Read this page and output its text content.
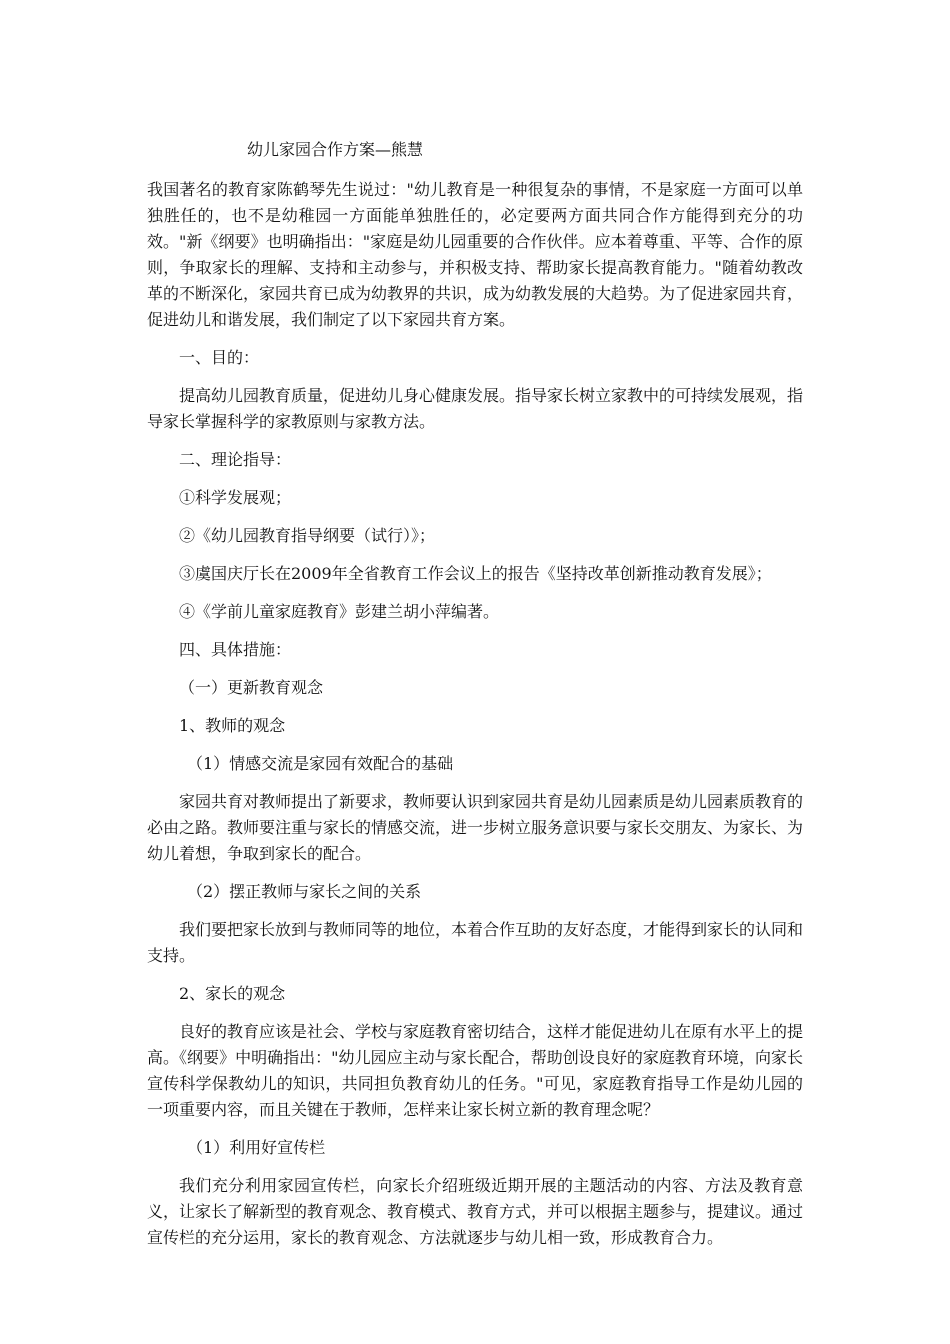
幼儿家园合作方案—熊慧

我国著名的教育家陈鹤琴先生说过："幼儿教育是一种很复杂的事情，不是家庭一方面可以单独胜任的，也不是幼稚园一方面能单独胜任的，必定要两方面共同合作方能得到充分的功效。"新《纲要》也明确指出："家庭是幼儿园重要的合作伙伴。应本着尊重、平等、合作的原则，争取家长的理解、支持和主动参与，并积极支持、帮助家长提高教育能力。"随着幼教改革的不断深化，家园共育已成为幼教界的共识，成为幼教发展的大趋势。为了促进家园共育，促进幼儿和谐发展，我们制定了以下家园共育方案。

一、目的：

提高幼儿园教育质量，促进幼儿身心健康发展。指导家长树立家教中的可持续发展观，指导家长掌握科学的家教原则与家教方法。

二、理论指导：

①科学发展观；

②《幼儿园教育指导纲要（试行）》；

③虞国庆厅长在2009年全省教育工作会议上的报告《坚持改革创新推动教育发展》；

④《学前儿童家庭教育》彭建兰胡小萍编著。

四、具体措施：

（一）更新教育观念

1、教师的观念

（1）情感交流是家园有效配合的基础

家园共育对教师提出了新要求，教师要认识到家园共育是幼儿园素质是幼儿园素质教育的必由之路。教师要注重与家长的情感交流，进一步树立服务意识要与家长交朋友、为家长、为幼儿着想，争取到家长的配合。

（2）摆正教师与家长之间的关系

我们要把家长放到与教师同等的地位，本着合作互助的友好态度，才能得到家长的认同和支持。

2、家长的观念

良好的教育应该是社会、学校与家庭教育密切结合，这样才能促进幼儿在原有水平上的提高。《纲要》中明确指出："幼儿园应主动与家长配合，帮助创设良好的家庭教育环境，向家长宣传科学保教幼儿的知识，共同担负教育幼儿的任务。"可见，家庭教育指导工作是幼儿园的一项重要内容，而且关键在于教师，怎样来让家长树立新的教育理念呢？

（1）利用好宣传栏

我们充分利用家园宣传栏，向家长介绍班级近期开展的主题活动的内容、方法及教育意义，让家长了解新型的教育观念、教育模式、教育方式，并可以根据主题参与，提建议。通过宣传栏的充分运用，家长的教育观念、方法就逐步与幼儿相一致，形成教育合力。
